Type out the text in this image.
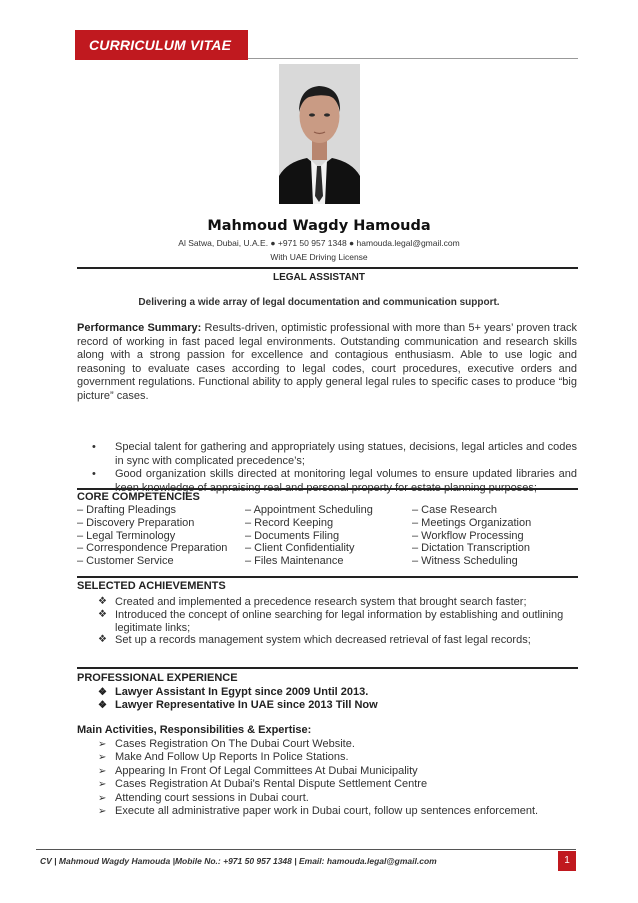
CURRICULUM VITAE
Mahmoud Wagdy Hamouda
Al Satwa, Dubai, U.A.E. ● +971 50 957 1348 ● hamouda.legal@gmail.com
With UAE Driving License
LEGAL ASSISTANT
Delivering a wide array of legal documentation and communication support.
Performance Summary: Results-driven, optimistic professional with more than 5+ years’ proven track record of working in fast paced legal environments. Outstanding communication and research skills along with a strong passion for excellence and contagious enthusiasm. Able to use logic and reasoning to evaluate cases according to legal codes, court procedures, executive orders and government regulations. Functional ability to apply general legal rules to specific cases to produce “big picture” cases.
•	Special talent for gathering and appropriately using statues, decisions, legal articles and codes in sync with complicated precedence’s;
•	Good organization skills directed at monitoring legal volumes to ensure updated libraries and keen knowledge of appraising real and personal property for estate planning purposes;
CORE COMPETENCIES
– Drafting Pleadings	– Appointment Scheduling	– Case Research
– Discovery Preparation	– Record Keeping	– Meetings Organization
– Legal Terminology	– Documents Filing	– Workflow Processing
– Correspondence Preparation	– Client Confidentiality	– Dictation Transcription
– Customer Service	– Files Maintenance	– Witness Scheduling
SELECTED ACHIEVEMENTS
❖ Created and implemented a precedence research system that brought search faster;
❖ Introduced the concept of online searching for legal information by establishing and outlining legitimate links;
❖ Set up a records management system which decreased retrieval of fast legal records;
PROFESSIONAL EXPERIENCE
❖ Lawyer Assistant In Egypt since 2009 Until 2013.
❖ Lawyer Representative In UAE since 2013 Till Now
Main Activities, Responsibilities & Expertise:
➢ Cases Registration On The Dubai Court Website.
➢ Make And Follow Up Reports In Police Stations.
➢ Appearing In Front Of Legal Committees At Dubai Municipality
➢ Cases Registration At Dubai's Rental Dispute Settlement Centre
➢ Attending court sessions in Dubai court.
➢ Execute all administrative paper work in Dubai court, follow up sentences enforcement.
CV | Mahmoud Wagdy Hamouda |Mobile No.: +971 50 957 1348 | Email: hamouda.legal@gmail.com	1
